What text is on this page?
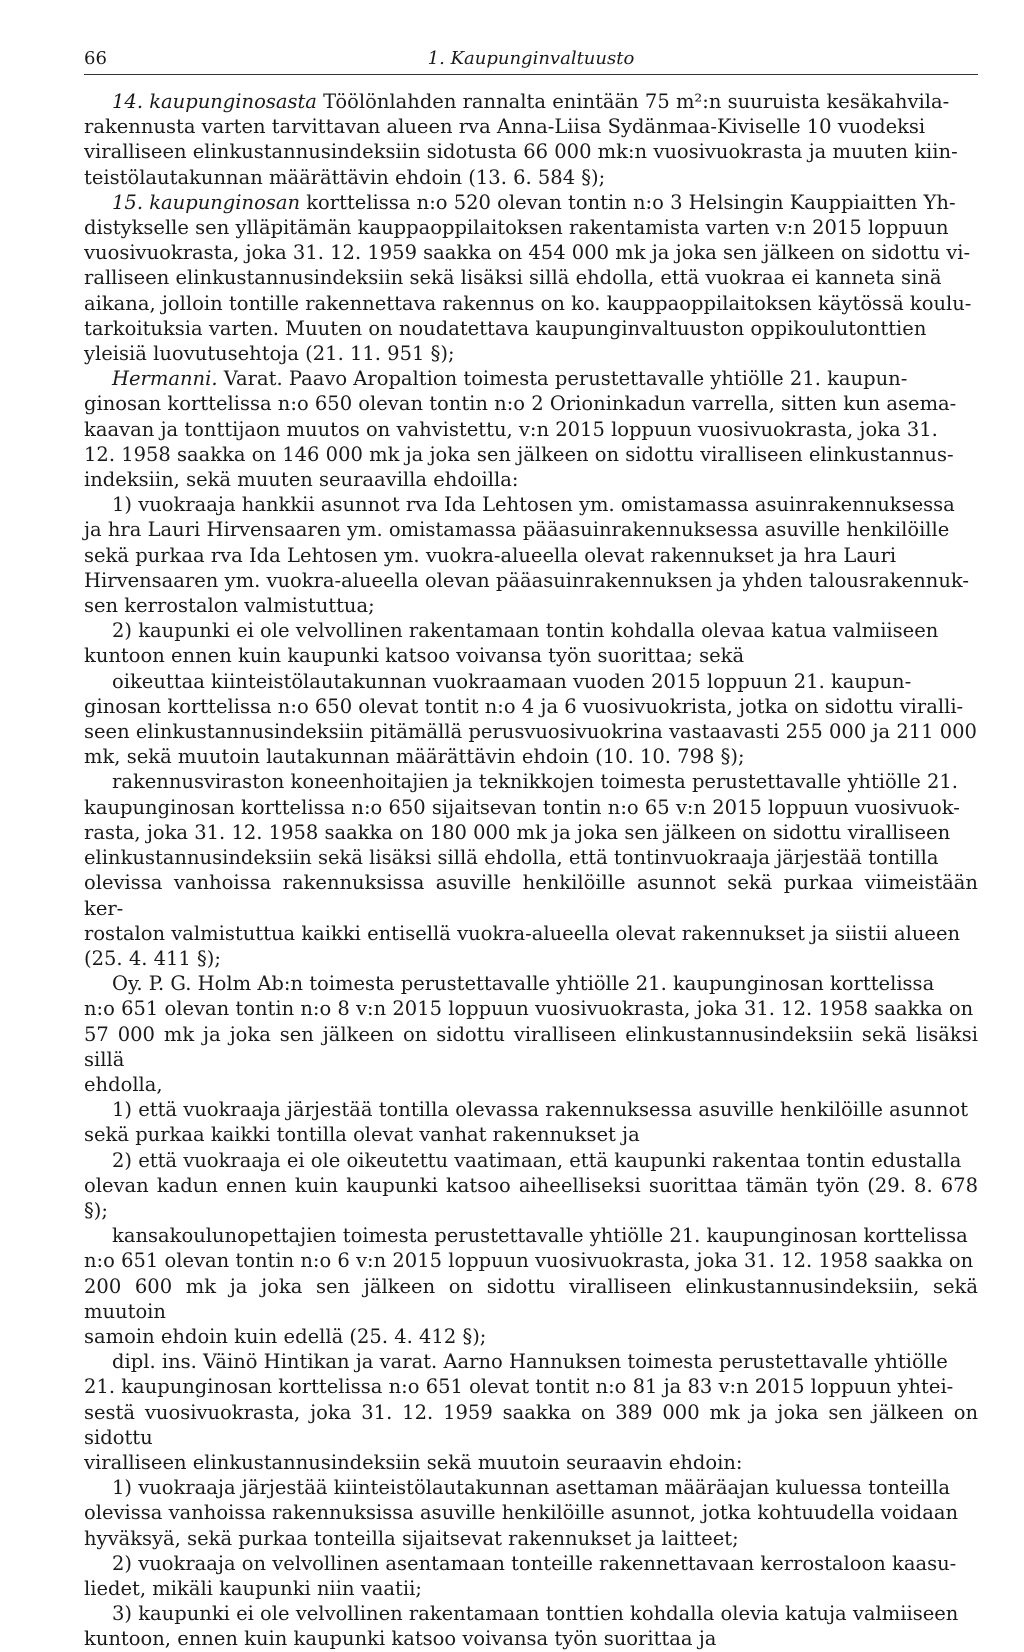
66	1. Kaupunginvaltuusto

14. kaupunginosasta Töölönlahden rannalta enintään 75 m²:n suuruista kesäkahvila-
rakennusta varten tarvittavan alueen rva Anna-Liisa Sydänmaa-Kiviselle 10 vuodeksi
viralliseen elinkustannusindeksiin sidotusta 66 000 mk:n vuosivuokrasta ja muuten kiin-
teistölautakunnan määrättävin ehdoin (13. 6. 584 §);

15. kaupunginosan korttelissa n:o 520 olevan tontin n:o 3 Helsingin Kauppiaitten Yh-
distykselle sen ylläpitämän kauppaoppilaitoksen rakentamista varten v:n 2015 loppuun
vuosivuokrasta, joka 31. 12. 1959 saakka on 454 000 mk ja joka sen jälkeen on sidottu vi-
ralliseen elinkustannusindeksiin sekä lisäksi sillä ehdolla, että vuokraa ei kanneta sinä
aikana, jolloin tontille rakennettava rakennus on ko. kauppaoppilaitoksen käytössä koulu-
tarkoituksia varten. Muuten on noudatettava kaupunginvaltuuston oppikoulutonttien
yleisiä luovutusehtoja (21. 11. 951 §);

Hermanni. Varat. Paavo Aropaltion toimesta perustettavalle yhtiölle 21. kaupun-
ginosan korttelissa n:o 650 olevan tontin n:o 2 Orioninkadun varrella, sitten kun asema-
kaavan ja tonttijaon muutos on vahvistettu, v:n 2015 loppuun vuosivuokrasta, joka 31.
12. 1958 saakka on 146 000 mk ja joka sen jälkeen on sidottu viralliseen elinkustannus-
indeksiin, sekä muuten seuraavilla ehdoilla:

1) vuokraaja hankkii asunnot rva Ida Lehtosen ym. omistamassa asuinrakennuksessa
ja hra Lauri Hirvensaaren ym. omistamassa pääasuinrakennuksessa asuville henkilöille
sekä purkaa rva Ida Lehtosen ym. vuokra-alueella olevat rakennukset ja hra Lauri
Hirvensaaren ym. vuokra-alueella olevan pääasuinrakennuksen ja yhden talousrakennuk-
sen kerrostalon valmistuttua;

2) kaupunki ei ole velvollinen rakentamaan tontin kohdalla olevaa katua valmiiseen
kuntoon ennen kuin kaupunki katsoo voivansa työn suorittaa; sekä

oikeuttaa kiinteistölautakunnan vuokraamaan vuoden 2015 loppuun 21. kaupun-
ginosan korttelissa n:o 650 olevat tontit n:o 4 ja 6 vuosivuokrista, jotka on sidottu viralli-
seen elinkustannusindeksiin pitämällä perusvuosivuokrina vastaavasti 255 000 ja 211 000
mk, sekä muutoin lautakunnan määrättävin ehdoin (10. 10. 798 §);

rakennusviraston koneenhoitajien ja teknikkojen toimesta perustettavalle yhtiölle 21.
kaupunginosan korttelissa n:o 650 sijaitsevan tontin n:o 65 v:n 2015 loppuun vuosivuok-
rasta, joka 31. 12. 1958 saakka on 180 000 mk ja joka sen jälkeen on sidottu viralliseen
elinkustannusindeksiin sekä lisäksi sillä ehdolla, että tontinvuokraaja järjestää tontilla
olevissa vanhoissa rakennuksissa asuville henkilöille asunnot sekä purkaa viimeistään ker-
rostalon valmistuttua kaikki entisellä vuokra-alueella olevat rakennukset ja siistii alueen
(25. 4. 411 §);

Oy. P. G. Holm Ab:n toimesta perustettavalle yhtiölle 21. kaupunginosan korttelissa
n:o 651 olevan tontin n:o 8 v:n 2015 loppuun vuosivuokrasta, joka 31. 12. 1958 saakka on
57 000 mk ja joka sen jälkeen on sidottu viralliseen elinkustannusindeksiin sekä lisäksi sillä
ehdolla,

1) että vuokraaja järjestää tontilla olevassa rakennuksessa asuville henkilöille asunnot
sekä purkaa kaikki tontilla olevat vanhat rakennukset ja

2) että vuokraaja ei ole oikeutettu vaatimaan, että kaupunki rakentaa tontin edustalla
olevan kadun ennen kuin kaupunki katsoo aiheelliseksi suorittaa tämän työn (29. 8. 678 §);

kansakoulunopettajien toimesta perustettavalle yhtiölle 21. kaupunginosan korttelissa
n:o 651 olevan tontin n:o 6 v:n 2015 loppuun vuosivuokrasta, joka 31. 12. 1958 saakka on
200 600 mk ja joka sen jälkeen on sidottu viralliseen elinkustannusindeksiin, sekä muutoin
samoin ehdoin kuin edellä (25. 4. 412 §);

dipl. ins. Väinö Hintikan ja varat. Aarno Hannuksen toimesta perustettavalle yhtiölle
21. kaupunginosan korttelissa n:o 651 olevat tontit n:o 81 ja 83 v:n 2015 loppuun yhtei-
sestä vuosivuokrasta, joka 31. 12. 1959 saakka on 389 000 mk ja joka sen jälkeen on sidottu
viralliseen elinkustannusindeksiin sekä muutoin seuraavin ehdoin:

1) vuokraaja järjestää kiinteistölautakunnan asettaman määräajan kuluessa tonteilla
olevissa vanhoissa rakennuksissa asuville henkilöille asunnot, jotka kohtuudella voidaan
hyväksyä, sekä purkaa tonteilla sijaitsevat rakennukset ja laitteet;

2) vuokraaja on velvollinen asentamaan tonteille rakennettavaan kerrostaloon kaasu-
liedet, mikäli kaupunki niin vaatii;

3) kaupunki ei ole velvollinen rakentamaan tonttien kohdalla olevia katuja valmiiseen
kuntoon, ennen kuin kaupunki katsoo voivansa työn suorittaa ja
